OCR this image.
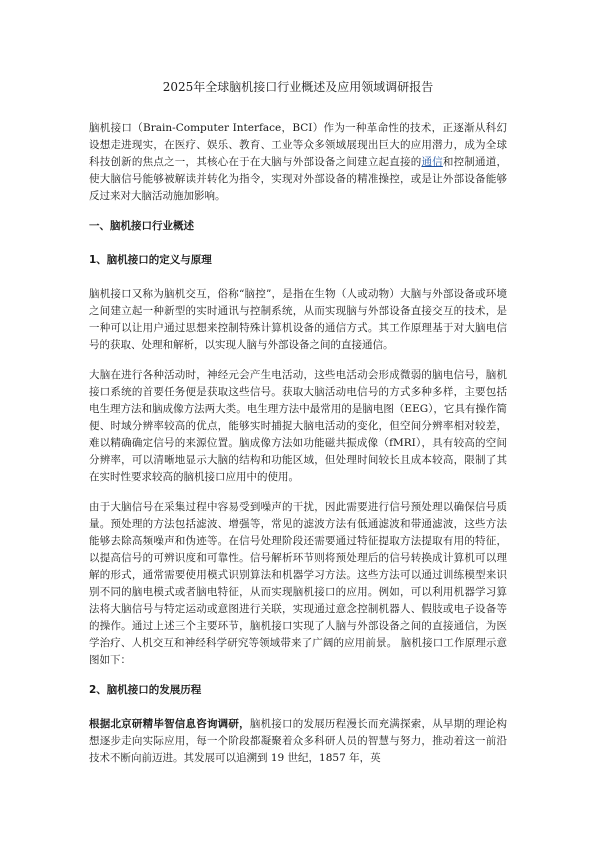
2025年全球脑机接口行业概述及应用领域调研报告

脑机接口（Brain-Computer Interface，BCI）作为一种革命性的技术，正逐渐从科幻设想走进现实，在医疗、娱乐、教育、工业等众多领域展现出巨大的应用潜力，成为全球科技创新的焦点之一，其核心在于在大脑与外部设备之间建立起直接的通信和控制通道，使大脑信号能够被解读并转化为指令，实现对外部设备的精准操控，或是让外部设备能够反过来对大脑活动施加影响。

一、脑机接口行业概述
1、脑机接口的定义与原理

脑机接口又称为脑机交互，俗称“脑控”，是指在生物（人或动物）大脑与外部设备或环境之间建立起一种新型的实时通讯与控制系统，从而实现脑与外部设备直接交互的技术，是一种可以让用户通过思想来控制特殊计算机设备的通信方式。其工作原理基于对大脑电信号的获取、处理和解析，以实现人脑与外部设备之间的直接通信。

大脑在进行各种活动时，神经元会产生电活动，这些电活动会形成微弱的脑电信号，脑机接口系统的首要任务便是获取这些信号。获取大脑活动电信号的方式多种多样，主要包括电生理方法和脑成像方法两大类。电生理方法中最常用的是脑电图（EEG），它具有操作简便、时域分辨率较高的优点，能够实时捕捉大脑电活动的变化，但空间分辨率相对较差，难以精确确定信号的来源位置。脑成像方法如功能磁共振成像（fMRI），具有较高的空间分辨率，可以清晰地显示大脑的结构和功能区域，但处理时间较长且成本较高，限制了其在实时性要求较高的脑机接口应用中的使用。

由于大脑信号在采集过程中容易受到噪声的干扰，因此需要进行信号预处理以确保信号质量。预处理的方法包括滤波、增强等，常见的滤波方法有低通滤波和带通滤波，这些方法能够去除高频噪声和伪迹等。在信号处理阶段还需要通过特征提取方法提取有用的特征，以提高信号的可辨识度和可靠性。信号解析环节则将预处理后的信号转换成计算机可以理解的形式，通常需要使用模式识别算法和机器学习方法。这些方法可以通过训练模型来识别不同的脑电模式或者脑电特征，从而实现脑机接口的应用。例如，可以利用机器学习算法将大脑信号与特定运动或意图进行关联，实现通过意念控制机器人、假肢或电子设备等的操作。通过上述三个主要环节，脑机接口实现了人脑与外部设备之间的直接通信，为医学治疗、人机交互和神经科学研究等领域带来了广阔的应用前景。 脑机接口工作原理示意图如下：

2、脑机接口的发展历程

根据北京研精毕智信息咨询调研，脑机接口的发展历程漫长而充满探索，从早期的理论构想逐步走向实际应用，每一个阶段都凝聚着众多科研人员的智慧与努力，推动着这一前沿技术不断向前迈进。其发展可以追溯到 19 世纪，1857 年，英
